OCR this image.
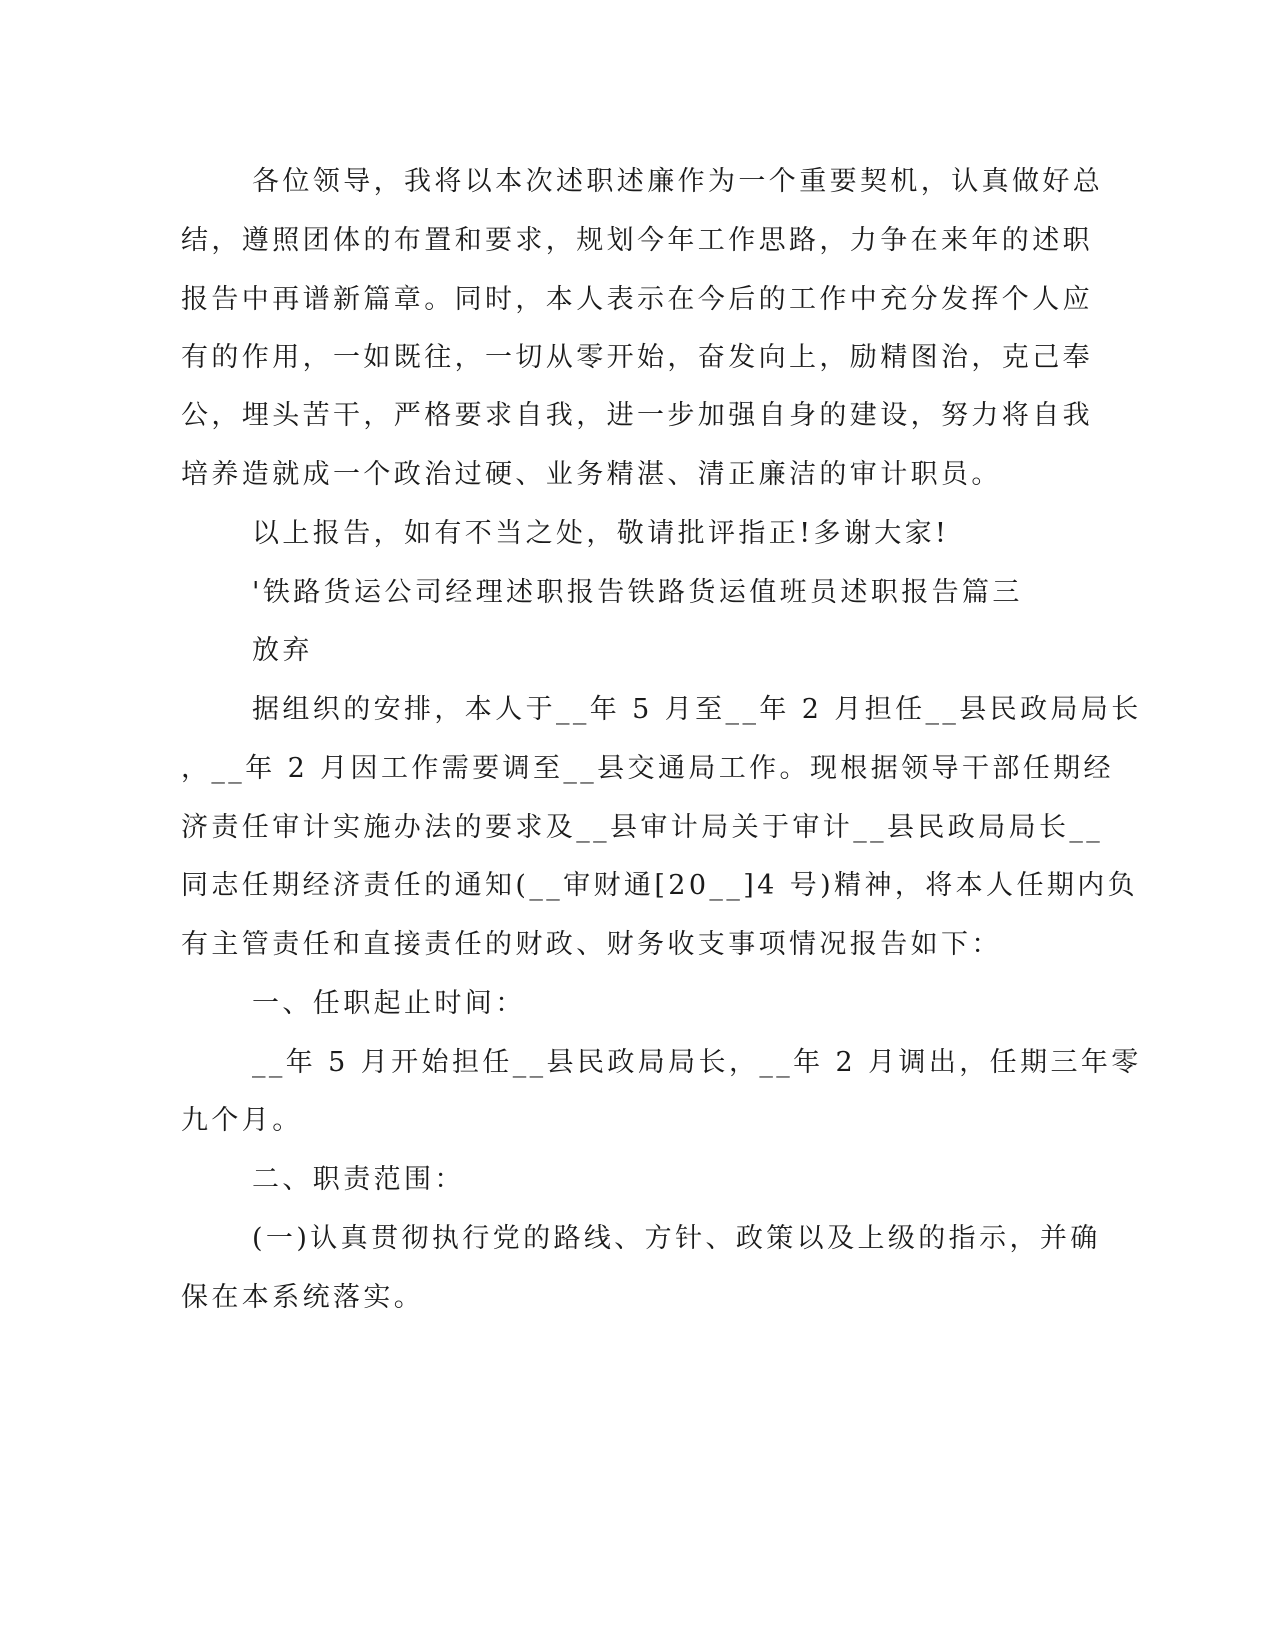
各位领导，我将以本次述职述廉作为一个重要契机，认真做好总

结，遵照团体的布置和要求，规划今年工作思路，力争在来年的述职

报告中再谱新篇章。同时，本人表示在今后的工作中充分发挥个人应

有的作用，一如既往，一切从零开始，奋发向上，励精图治，克己奉

公，埋头苦干，严格要求自我，进一步加强自身的建设，努力将自我

培养造就成一个政治过硬、业务精湛、清正廉洁的审计职员。

以上报告，如有不当之处，敬请批评指正!多谢大家!

'铁路货运公司经理述职报告铁路货运值班员述职报告篇三

放弃

据组织的安排，本人于__年 5 月至__年 2 月担任__县民政局局长

，__年 2 月因工作需要调至__县交通局工作。现根据领导干部任期经

济责任审计实施办法的要求及__县审计局关于审计__县民政局局长__

同志任期经济责任的通知(__审财通[20__]4 号)精神，将本人任期内负

有主管责任和直接责任的财政、财务收支事项情况报告如下：

一、任职起止时间：

__年 5 月开始担任__县民政局局长，__年 2 月调出，任期三年零

九个月。

二、职责范围：

(一)认真贯彻执行党的路线、方针、政策以及上级的指示，并确

保在本系统落实。
